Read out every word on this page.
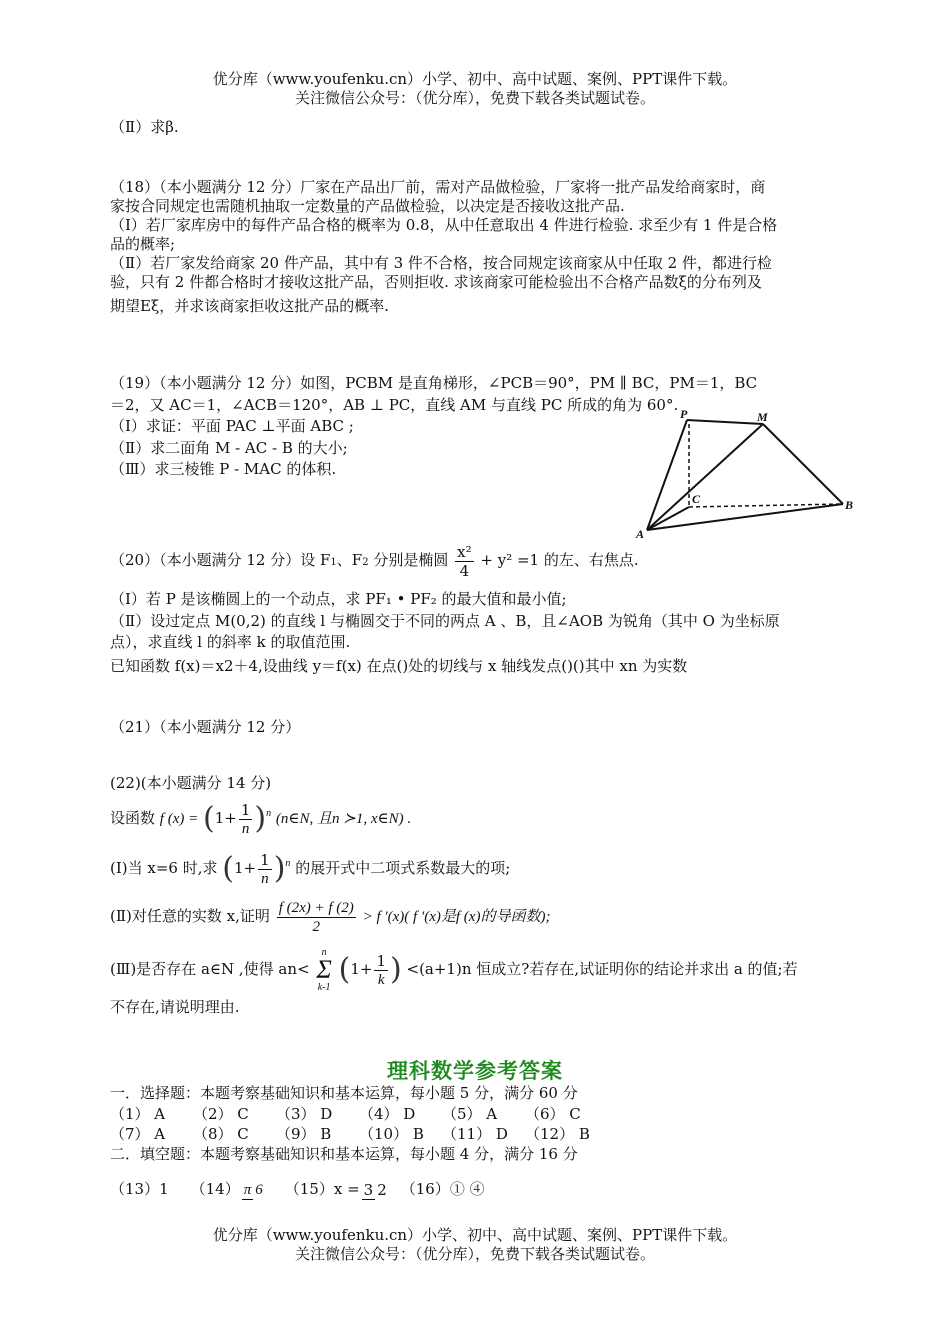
优分库（www.youfenku.cn）小学、初中、高中试题、案例、PPT课件下载。
关注微信公众号：（优分库），免费下载各类试题试卷。
（Ⅱ）求β.
（18）（本小题满分 12 分）厂家在产品出厂前，需对产品做检验，厂家将一批产品发给商家时，商
家按合同规定也需随机抽取一定数量的产品做检验，以决定是否接收这批产品.
（Ⅰ）若厂家库房中的每件产品合格的概率为 0.8，从中任意取出 4 件进行检验. 求至少有 1 件是合格
品的概率;
（Ⅱ）若厂家发给商家 20 件产品，其中有 3 件不合格，按合同规定该商家从中任取 2 件，都进行检
验，只有 2 件都合格时才接收这批产品，否则拒收. 求该商家可能检验出不合格产品数ξ的分布列及
期望Eξ，并求该商家拒收这批产品的概率.
（19）（本小题满分 12 分）如图，PCBM 是直角梯形，∠PCB＝90°，PM ∥ BC，PM＝1，BC
＝2，又 AC＝1，∠ACB＝120°，AB ⊥ PC，直线 AM 与直线 PC 所成的角为 60°.
（Ⅰ）求证：平面 PAC ⊥平面 ABC ;
（Ⅱ）求二面角 M - AC - B 的大小;
（Ⅲ）求三棱锥 P - MAC 的体积.
P	M
C
A
B
（20）（本小题满分 12 分）设 $F_1$、$F_2$ 分别是椭圆 $\frac{\text{x²}}{4} + y^2 =1$ 的左、右焦点.
（Ⅰ）若 P 是该椭圆上的一个动点，求 PF₁ • PF₂ 的最大值和最小值;
（Ⅱ）设过定点 M(0,2) 的直线 l 与椭圆交于不同的两点 A 、B，且∠AOB 为锐角（其中 O 为坐标原
点），求直线 l 的斜率 k 的取值范围.
已知函数 f(x)＝x2＋4,设曲线 y＝f(x) 在点()处的切线与 x 轴线发点()()其中 xn 为实数
（21）（本小题满分 12 分）
(22)(本小题满分 14 分)
设函数 f $(x) = (1+ \frac{1}{n} )^n$ (n∈N, 且n ≻1, x∈N) .
(Ⅰ)当 x=6 时,求 $(1+ \frac{1}{n} )^n$ 的展开式中二项式系数最大的项;
(Ⅱ)对任意的实数 x,证明 $\frac{f (2x) + f (2)}{2} > f$ ′(x)( f ′(x)是f (x)的导函数);
(Ⅲ)是否存在 a∈N ,使得 an< n
Σ
k-1 ($1+ \frac{1}{k}$ ) <(a+1)n 恒成立?若存在,试证明你的结论并求出 a 的值;若
不存在,请说明理由.
理科数学参考答案
一．选择题：本题考察基础知识和基本运算，每小题 5 分，满分 60 分
（1） A （2） C （3） D （4） D （5） A （6） C
（7） A （8） C （9） B （10） B （11） D （12） B
二．填空题：本题考察基础知识和基本运算，每小题 4 分，满分 16 分
（13）1 （14） π 6 （15）x = 3 2 （16）① ④
优分库（www.youfenku.cn）小学、初中、高中试题、案例、PPT课件下载。
关注微信公众号：（优分库），免费下载各类试题试卷。
